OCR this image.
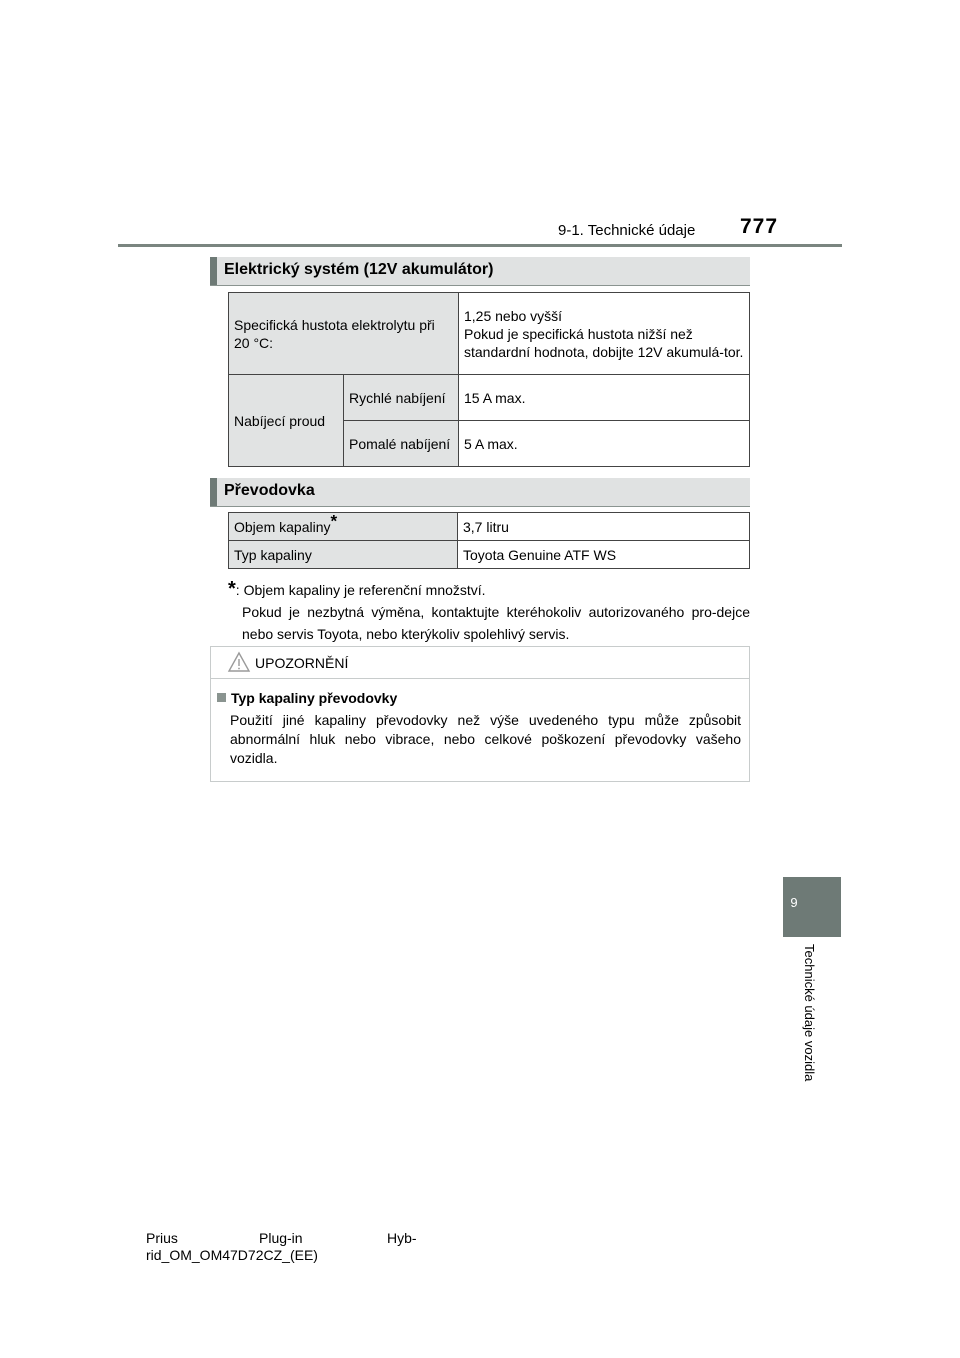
9-1. Technické údaje 777
Elektrický systém (12V akumulátor)
Specifická hustota elektrolytu při 20 °C:		1,25 nebo vyšší
Pokud je specifická hustota nižší než standardní hodnota, dobijte 12V akumulá-tor.

Nabíjecí proud	Rychlé nabíjení	15 A max.
	Pomalé nabíjení	5 A max.
Převodovka
Objem kapaliny*	3,7 litru
Typ kapaliny	Toyota Genuine ATF WS
*: Objem kapaliny je referenční množství.
Pokud je nezbytná výměna, kontaktujte kteréhokoliv autorizovaného pro-dejce nebo servis Toyota, nebo kterýkoliv spolehlivý servis.
UPOZORNĚNÍ
Typ kapaliny převodovky
Použití jiné kapaliny převodovky než výše uvedeného typu může způsobit abnormální hluk nebo vibrace, nebo celkové poškození převodovky vašeho vozidla.
9
Technické údaje vozidla
Prius	Plug-in	Hyb-
rid_OM_OM47D72CZ_(EE)
